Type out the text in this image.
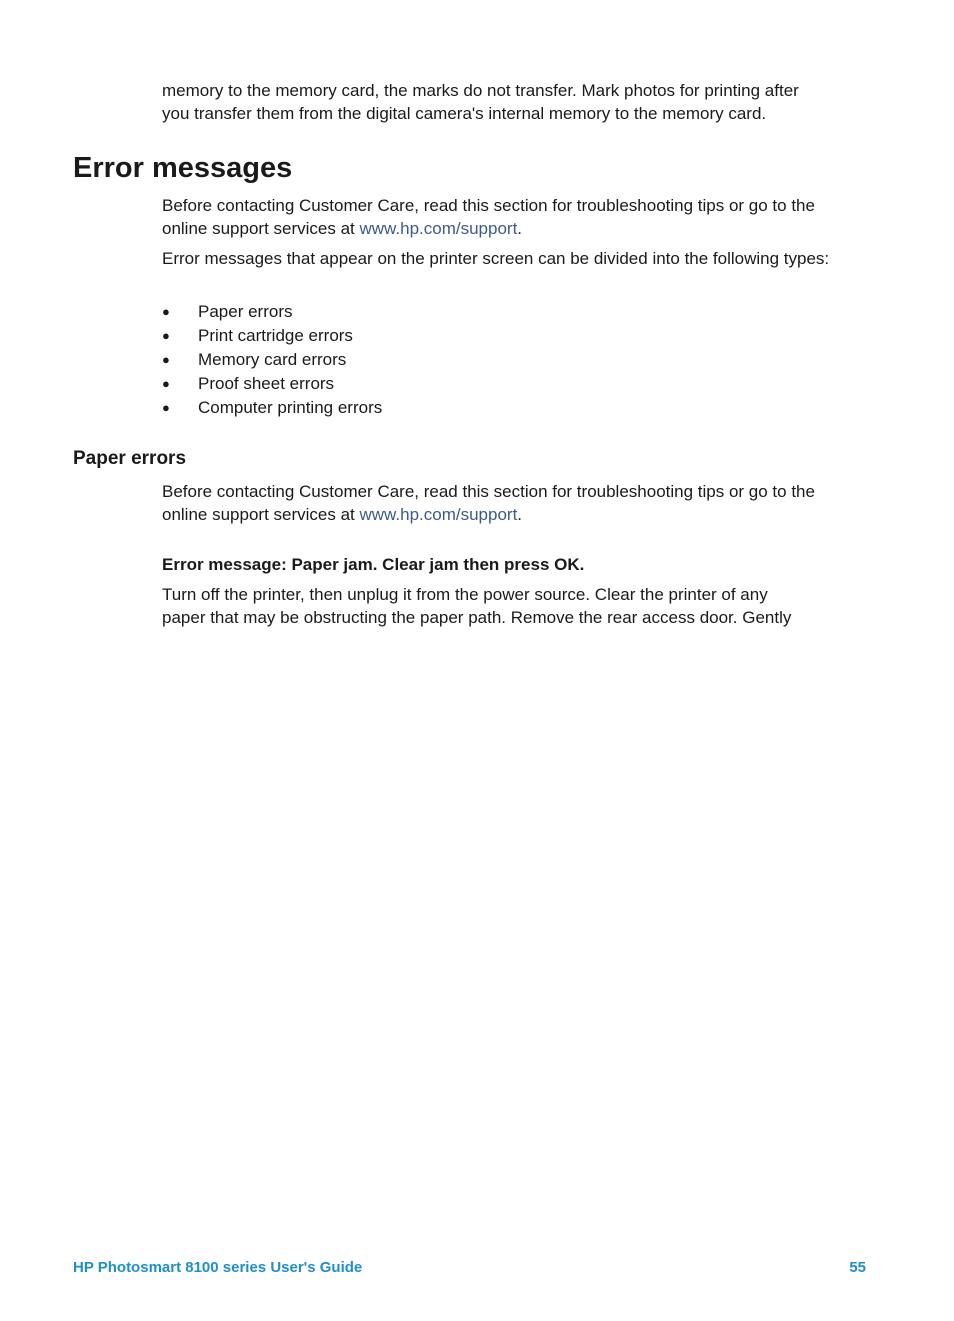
memory to the memory card, the marks do not transfer. Mark photos for printing after
you transfer them from the digital camera's internal memory to the memory card.

Error messages

Before contacting Customer Care, read this section for troubleshooting tips or go to the online support services at www.hp.com/support.

Error messages that appear on the printer screen can be divided into the following types:

● Paper errors
● Print cartridge errors
● Memory card errors
● Proof sheet errors
● Computer printing errors
Paper errors

Before contacting Customer Care, read this section for troubleshooting tips or go to the online support services at www.hp.com/support.

Error message: Paper jam. Clear jam then press OK.

Turn off the printer, then unplug it from the power source. Clear the printer of any
paper that may be obstructing the paper path. Remove the rear access door. Gently

HP Photosmart 8100 series User's Guide	55
